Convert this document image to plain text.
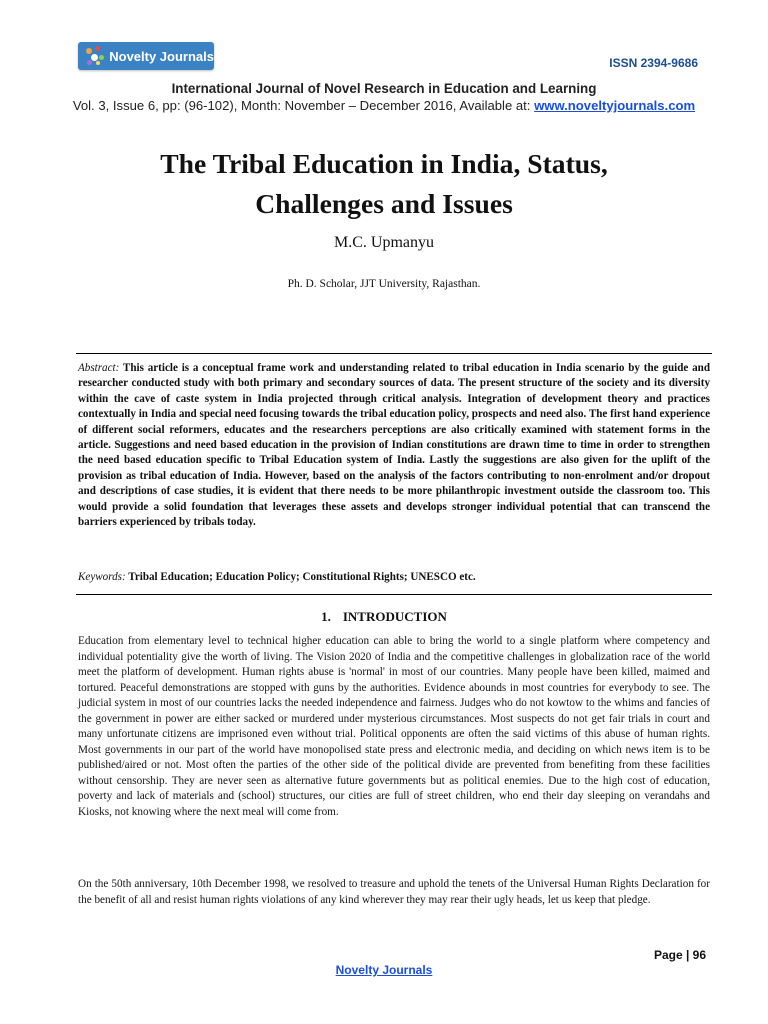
Novelty Journals	ISSN 2394-9686
International Journal of Novel Research in Education and Learning
Vol. 3, Issue 6, pp: (96-102), Month: November – December 2016, Available at: www.noveltyjournals.com
The Tribal Education in India, Status,
Challenges and Issues
M.C. Upmanyu
Ph. D. Scholar, JJT University, Rajasthan.
Abstract: This article is a conceptual frame work and understanding related to tribal education in India scenario by the guide and researcher conducted study with both primary and secondary sources of data. The present structure of the society and its diversity within the cave of caste system in India projected through critical analysis. Integration of development theory and practices contextually in India and special need focusing towards the tribal education policy, prospects and need also. The first hand experience of different social reformers, educates and the researchers perceptions are also critically examined with statement forms in the article. Suggestions and need based education in the provision of Indian constitutions are drawn time to time in order to strengthen the need based education specific to Tribal Education system of India. Lastly the suggestions are also given for the uplift of the provision as tribal education of India. However, based on the analysis of the factors contributing to non-enrolment and/or dropout and descriptions of case studies, it is evident that there needs to be more philanthropic investment outside the classroom too. This would provide a solid foundation that leverages these assets and develops stronger individual potential that can transcend the barriers experienced by tribals today.
Keywords: Tribal Education; Education Policy; Constitutional Rights; UNESCO etc.
1. INTRODUCTION
Education from elementary level to technical higher education can able to bring the world to a single platform where competency and individual potentiality give the worth of living. The Vision 2020 of India and the competitive challenges in globalization race of the world meet the platform of development. Human rights abuse is 'normal' in most of our countries. Many people have been killed, maimed and tortured. Peaceful demonstrations are stopped with guns by the authorities. Evidence abounds in most countries for everybody to see. The judicial system in most of our countries lacks the needed independence and fairness. Judges who do not kowtow to the whims and fancies of the government in power are either sacked or murdered under mysterious circumstances. Most suspects do not get fair trials in court and many unfortunate citizens are imprisoned even without trial. Political opponents are often the said victims of this abuse of human rights. Most governments in our part of the world have monopolised state press and electronic media, and deciding on which news item is to be published/aired or not. Most often the parties of the other side of the political divide are prevented from benefiting from these facilities without censorship. They are never seen as alternative future governments but as political enemies. Due to the high cost of education, poverty and lack of materials and (school) structures, our cities are full of street children, who end their day sleeping on verandahs and Kiosks, not knowing where the next meal will come from.
On the 50th anniversary, 10th December 1998, we resolved to treasure and uphold the tenets of the Universal Human Rights Declaration for the benefit of all and resist human rights violations of any kind wherever they may rear their ugly heads, let us keep that pledge.
Page | 96
Novelty Journals
